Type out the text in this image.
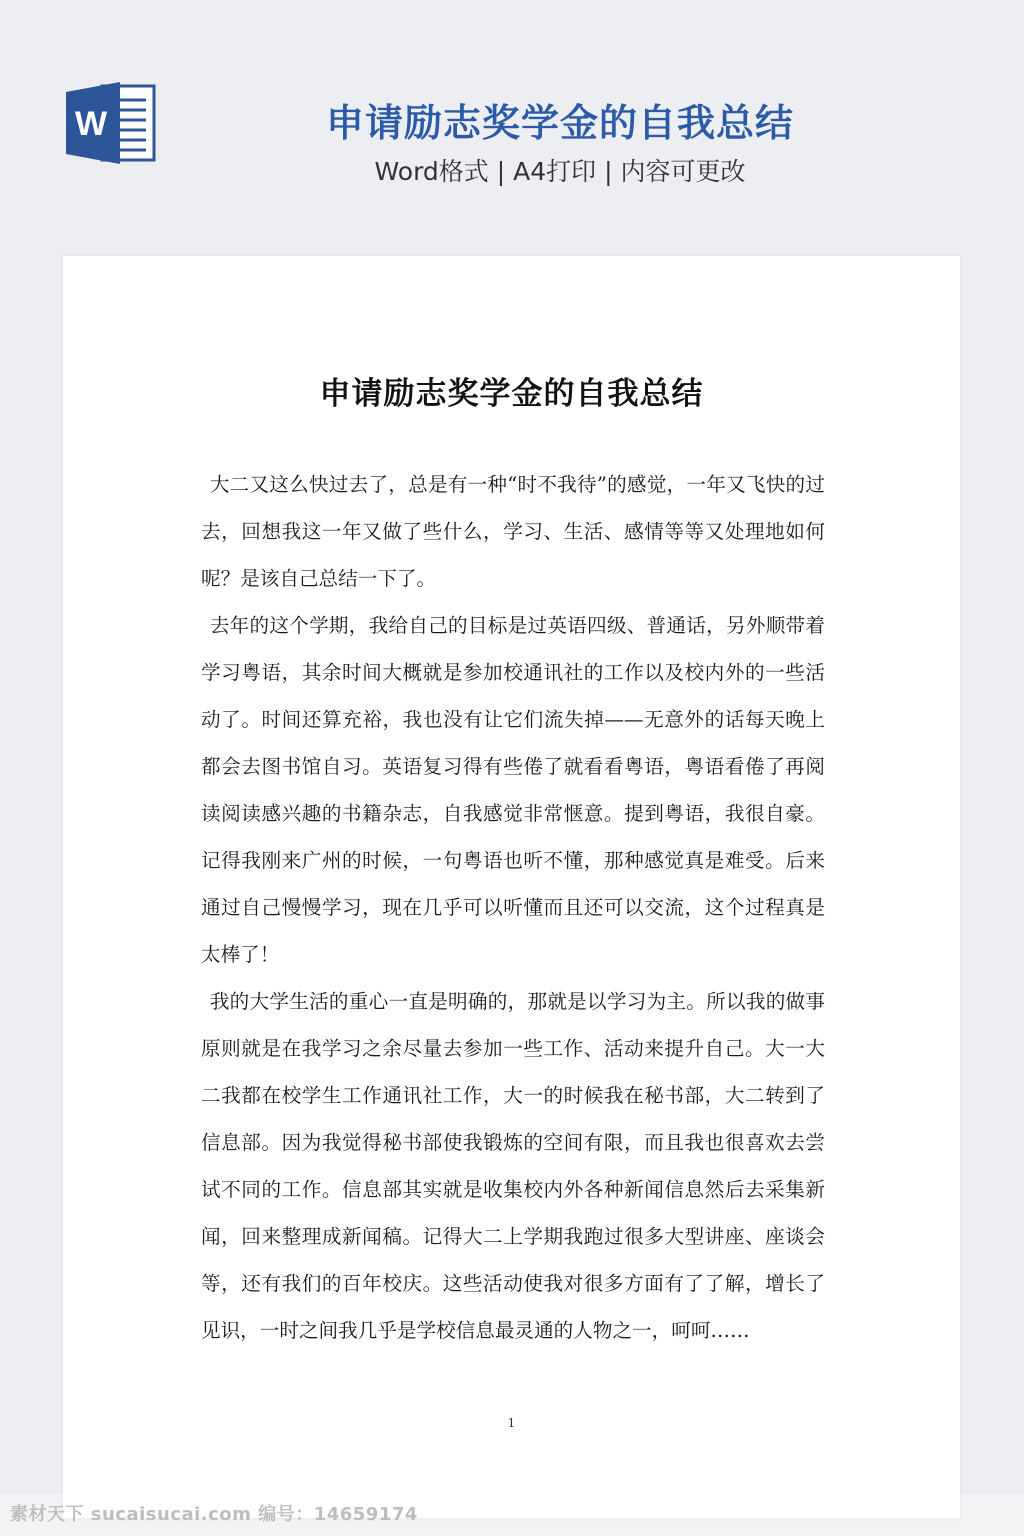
W	申请励志奖学金的自我总结
Word格式 | A4打印 | 内容可更改
申请励志奖学金的自我总结

大二又这么快过去了，总是有一种“时不我待”的感觉，一年又飞快的过去，回想我这一年又做了些什么，学习、生活、感情等等又处理地如何呢？是该自己总结一下了。

去年的这个学期，我给自己的目标是过英语四级、普通话，另外顺带着学习粤语，其余时间大概就是参加校通讯社的工作以及校内外的一些活动了。时间还算充裕，我也没有让它们流失掉——无意外的话每天晚上都会去图书馆自习。英语复习得有些倦了就看看粤语，粤语看倦了再阅读阅读感兴趣的书籍杂志，自我感觉非常惬意。提到粤语，我很自豪。记得我刚来广州的时候，一句粤语也听不懂，那种感觉真是难受。后来通过自己慢慢学习，现在几乎可以听懂而且还可以交流，这个过程真是太棒了！

我的大学生活的重心一直是明确的，那就是以学习为主。所以我的做事原则就是在我学习之余尽量去参加一些工作、活动来提升自己。大一大二我都在校学生工作通讯社工作，大一的时候我在秘书部，大二转到了信息部。因为我觉得秘书部使我锻炼的空间有限，而且我也很喜欢去尝试不同的工作。信息部其实就是收集校内外各种新闻信息然后去采集新闻，回来整理成新闻稿。记得大二上学期我跑过很多大型讲座、座谈会等，还有我们的百年校庆。这些活动使我对很多方面有了了解，增长了见识，一时之间我几乎是学校信息最灵通的人物之一，呵呵……

1
素材天下 sucaisucai.com 编号：14659174
